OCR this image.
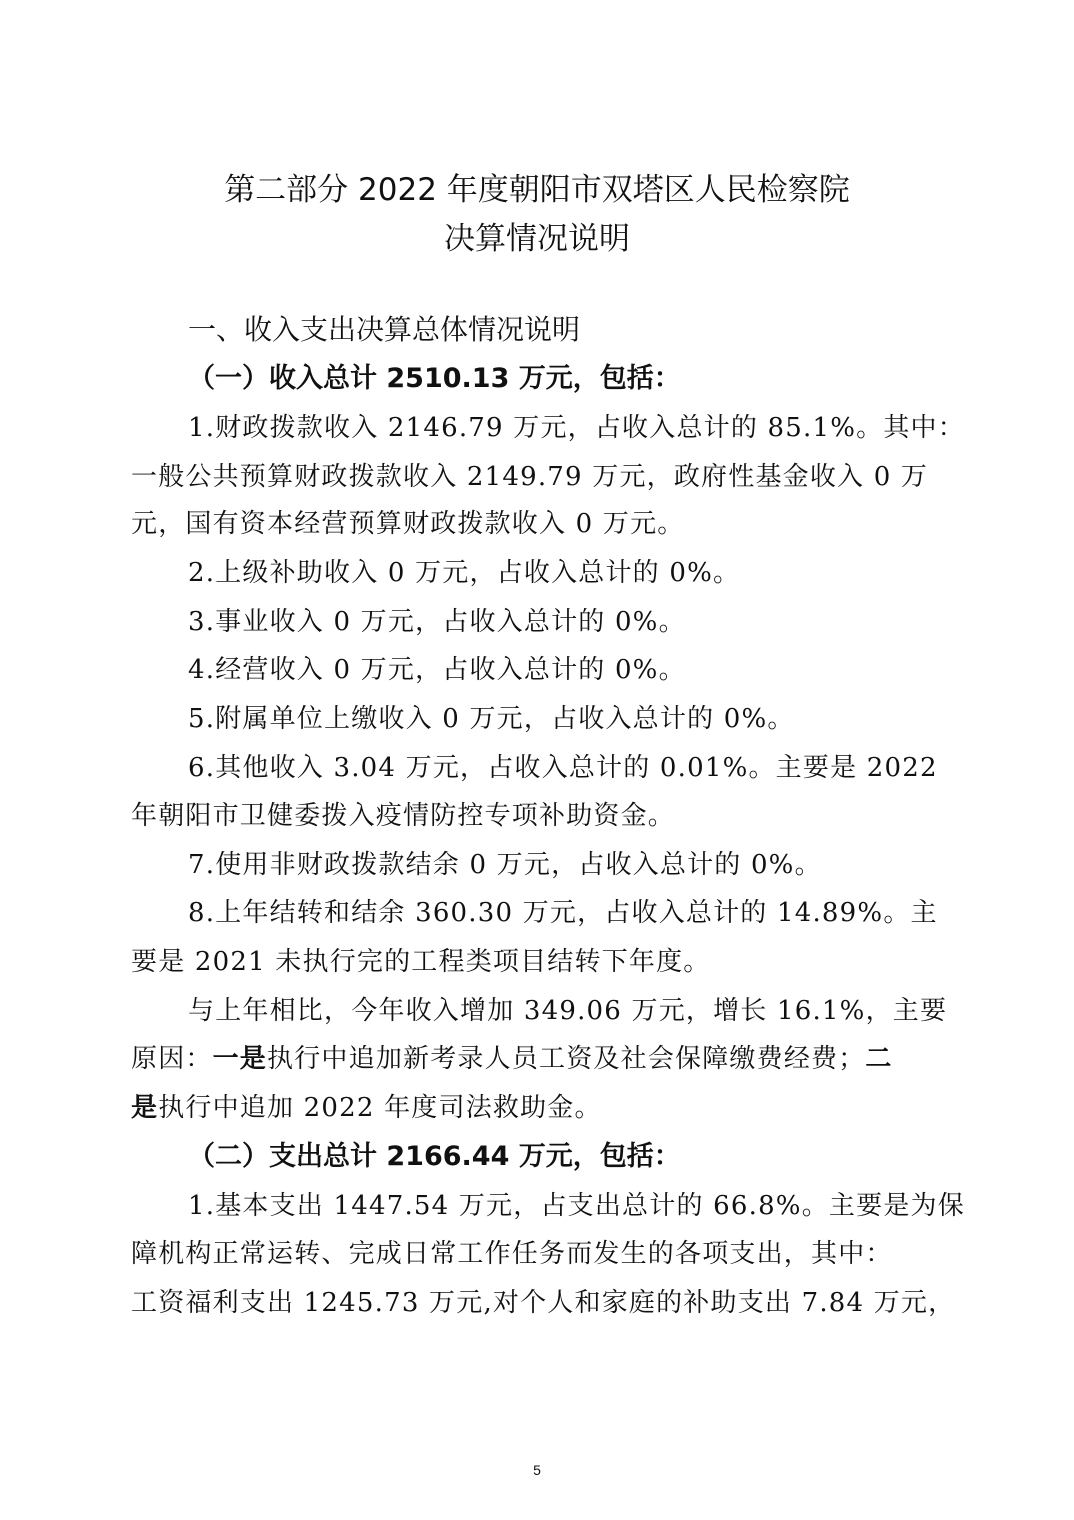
第二部分 2022 年度朝阳市双塔区人民检察院
决算情况说明
一、收入支出决算总体情况说明
（一）收入总计 2510.13 万元，包括：
1.财政拨款收入 2146.79 万元，占收入总计的 85.1%。其中：
一般公共预算财政拨款收入 2149.79 万元，政府性基金收入 0 万
元，国有资本经营预算财政拨款收入 0 万元。
2.上级补助收入 0 万元，占收入总计的 0%。
3.事业收入 0 万元，占收入总计的 0%。
4.经营收入 0 万元，占收入总计的 0%。
5.附属单位上缴收入 0 万元，占收入总计的 0%。
6.其他收入 3.04 万元，占收入总计的 0.01%。主要是 2022
年朝阳市卫健委拨入疫情防控专项补助资金。
7.使用非财政拨款结余 0 万元，占收入总计的 0%。
8.上年结转和结余 360.30 万元，占收入总计的 14.89%。主
要是 2021 未执行完的工程类项目结转下年度。
与上年相比，今年收入增加 349.06 万元，增长 16.1%，主要
原因：一是执行中追加新考录人员工资及社会保障缴费经费；二
是执行中追加 2022 年度司法救助金。
（二）支出总计 2166.44 万元，包括：
1.基本支出 1447.54 万元，占支出总计的 66.8%。主要是为保
障机构正常运转、完成日常工作任务而发生的各项支出，其中：
工资福利支出 1245.73 万元,对个人和家庭的补助支出 7.84 万元，
5
